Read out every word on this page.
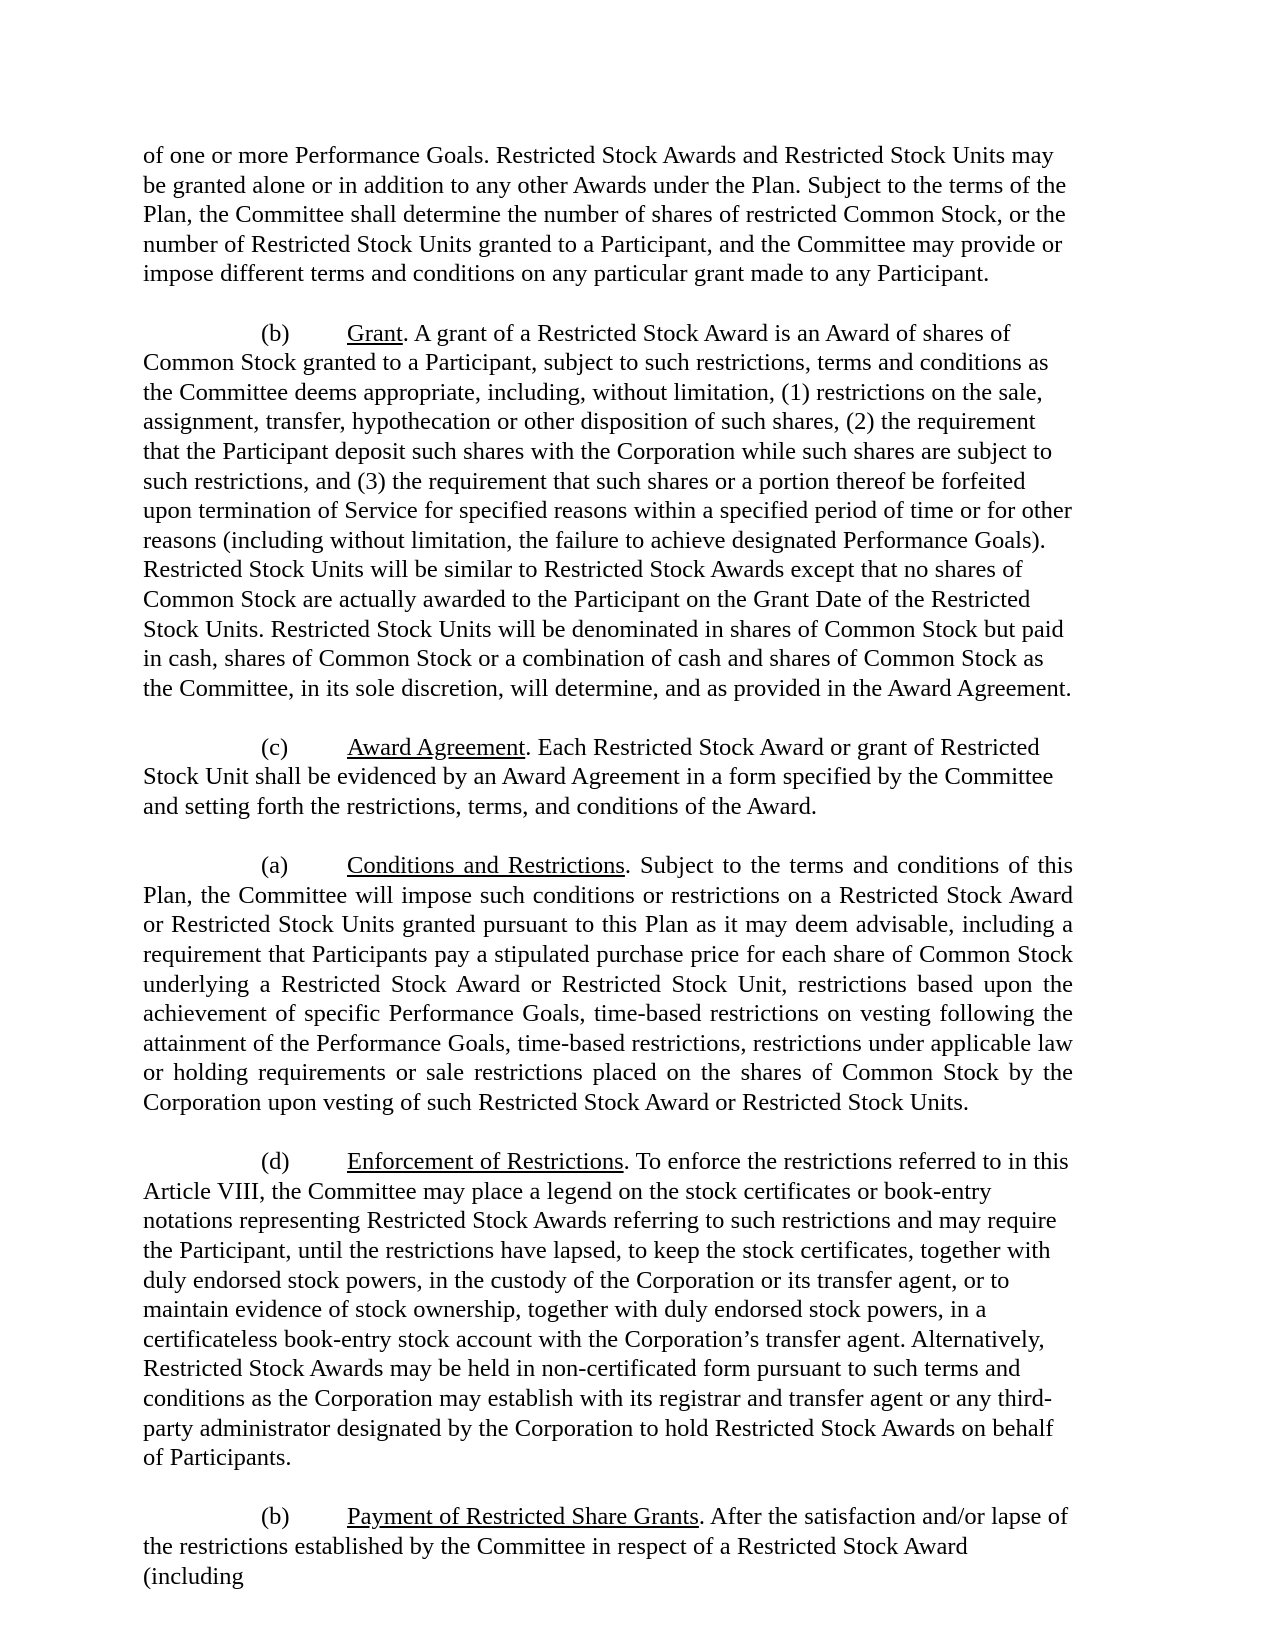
of one or more Performance Goals. Restricted Stock Awards and Restricted Stock Units may be granted alone or in addition to any other Awards under the Plan. Subject to the terms of the Plan, the Committee shall determine the number of shares of restricted Common Stock, or the number of Restricted Stock Units granted to a Participant, and the Committee may provide or impose different terms and conditions on any particular grant made to any Participant.

(b) Grant. A grant of a Restricted Stock Award is an Award of shares of Common Stock granted to a Participant, subject to such restrictions, terms and conditions as the Committee deems appropriate, including, without limitation, (1) restrictions on the sale, assignment, transfer, hypothecation or other disposition of such shares, (2) the requirement that the Participant deposit such shares with the Corporation while such shares are subject to such restrictions, and (3) the requirement that such shares or a portion thereof be forfeited upon termination of Service for specified reasons within a specified period of time or for other reasons (including without limitation, the failure to achieve designated Performance Goals). Restricted Stock Units will be similar to Restricted Stock Awards except that no shares of Common Stock are actually awarded to the Participant on the Grant Date of the Restricted Stock Units. Restricted Stock Units will be denominated in shares of Common Stock but paid in cash, shares of Common Stock or a combination of cash and shares of Common Stock as the Committee, in its sole discretion, will determine, and as provided in the Award Agreement.

(c) Award Agreement. Each Restricted Stock Award or grant of Restricted Stock Unit shall be evidenced by an Award Agreement in a form specified by the Committee and setting forth the restrictions, terms, and conditions of the Award.

(a) Conditions and Restrictions. Subject to the terms and conditions of this Plan, the Committee will impose such conditions or restrictions on a Restricted Stock Award or Restricted Stock Units granted pursuant to this Plan as it may deem advisable, including a requirement that Participants pay a stipulated purchase price for each share of Common Stock underlying a Restricted Stock Award or Restricted Stock Unit, restrictions based upon the achievement of specific Performance Goals, time-based restrictions on vesting following the attainment of the Performance Goals, time-based restrictions, restrictions under applicable law or holding requirements or sale restrictions placed on the shares of Common Stock by the Corporation upon vesting of such Restricted Stock Award or Restricted Stock Units.

(d) Enforcement of Restrictions. To enforce the restrictions referred to in this Article VIII, the Committee may place a legend on the stock certificates or book-entry notations representing Restricted Stock Awards referring to such restrictions and may require the Participant, until the restrictions have lapsed, to keep the stock certificates, together with duly endorsed stock powers, in the custody of the Corporation or its transfer agent, or to maintain evidence of stock ownership, together with duly endorsed stock powers, in a certificateless book-entry stock account with the Corporation’s transfer agent. Alternatively, Restricted Stock Awards may be held in non-certificated form pursuant to such terms and conditions as the Corporation may establish with its registrar and transfer agent or any third-party administrator designated by the Corporation to hold Restricted Stock Awards on behalf of Participants.

(b) Payment of Restricted Share Grants. After the satisfaction and/or lapse of the restrictions established by the Committee in respect of a Restricted Stock Award (including
